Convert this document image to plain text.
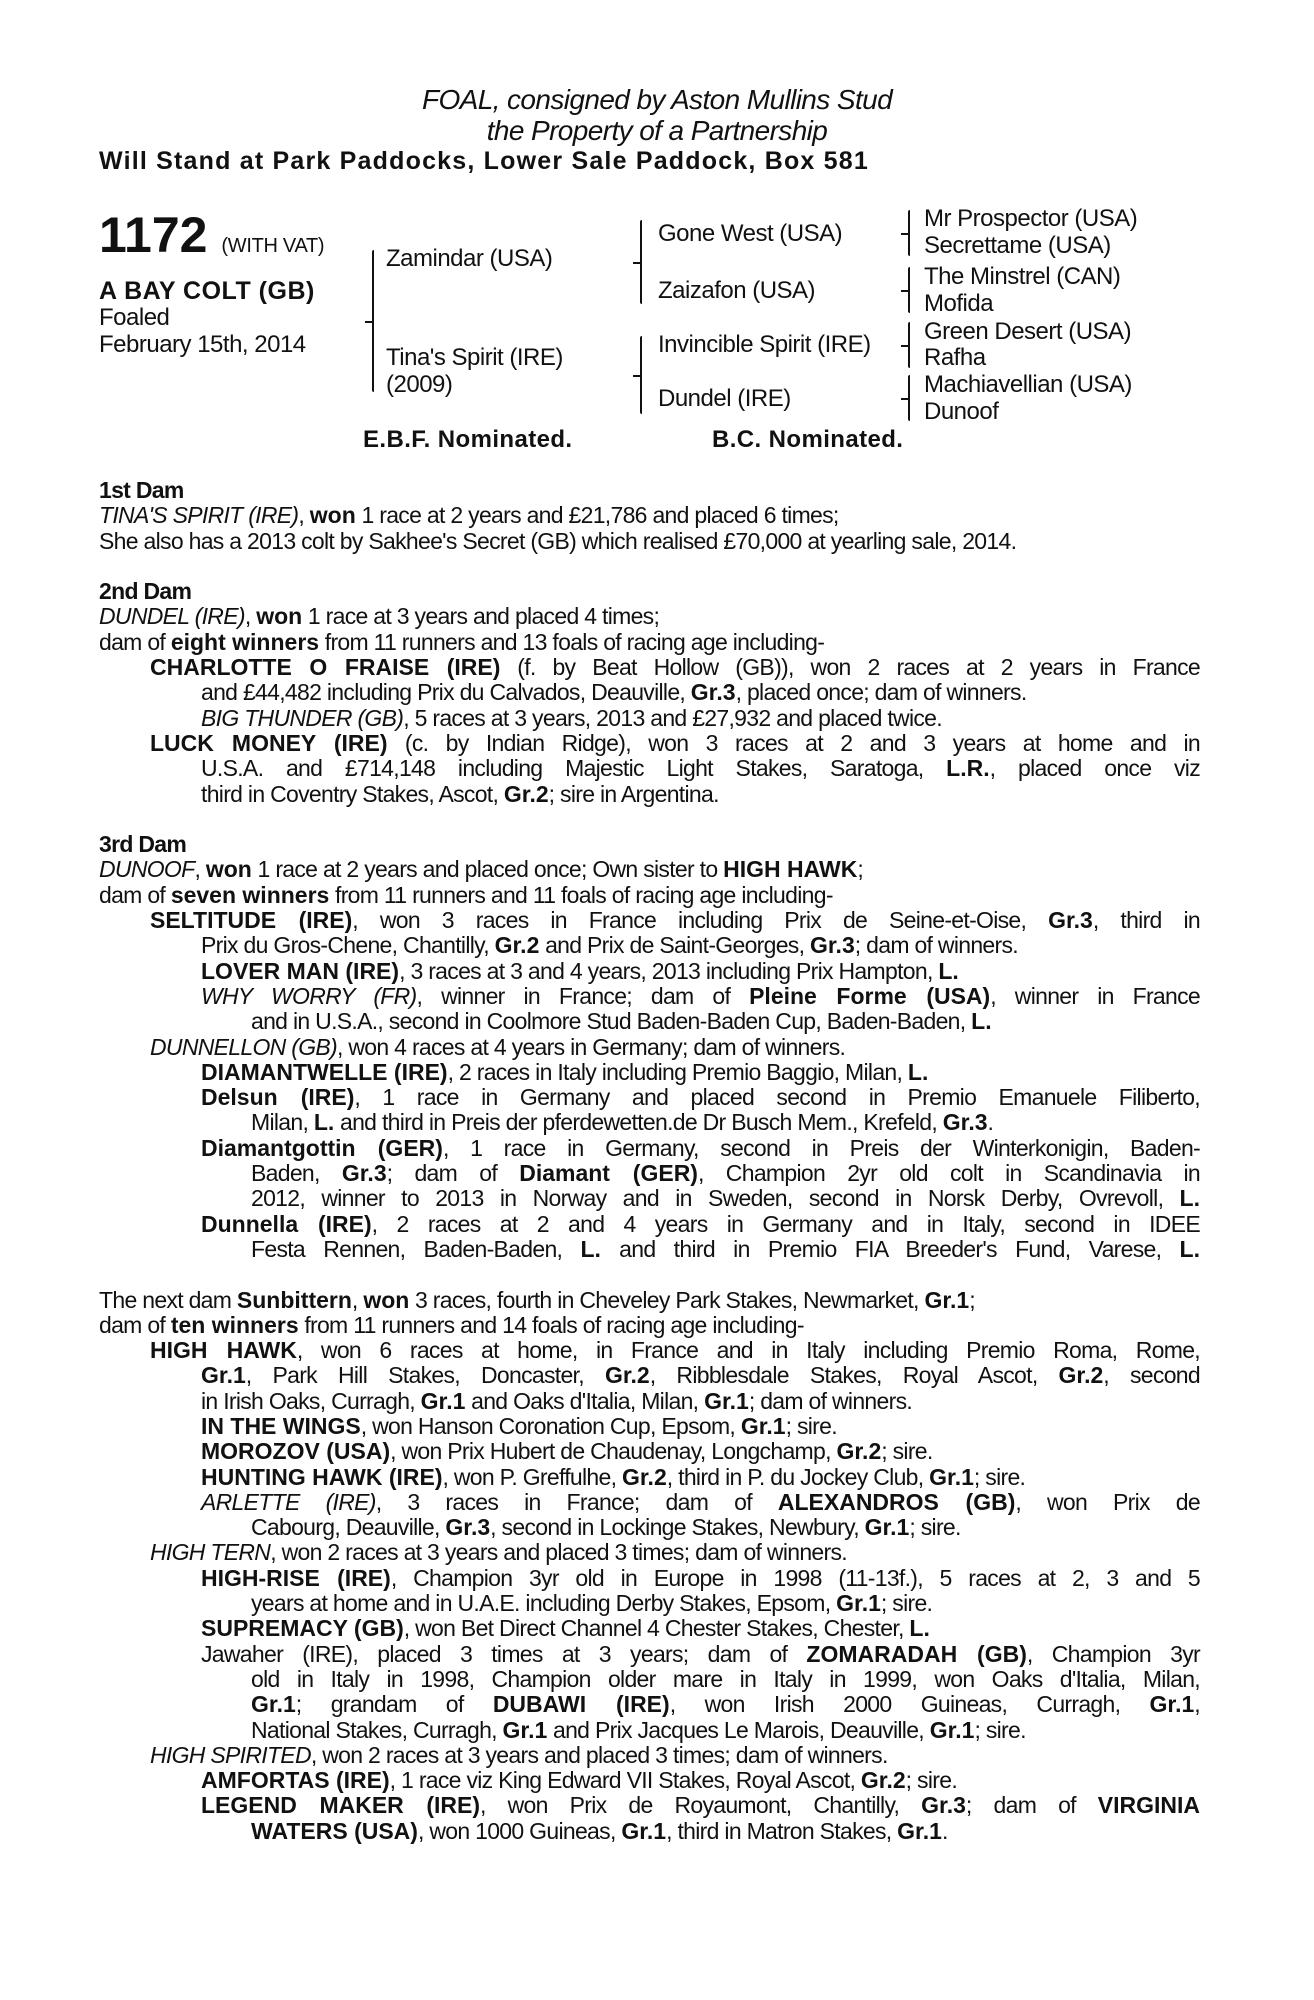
FOAL, consigned by Aston Mullins Stud
the Property of a Partnership
Will Stand at Park Paddocks, Lower Sale Paddock, Box 581
1172 (WITH VAT)
A BAY COLT (GB)
Foaled
February 15th, 2014
Zamindar (USA)
Tina's Spirit (IRE)
(2009)
Gone West (USA)
Zaizafon (USA)
Invincible Spirit (IRE)
Dundel (IRE)
Mr Prospector (USA)
Secrettame (USA)
The Minstrel (CAN)
Mofida
Green Desert (USA)
Rafha
Machiavellian (USA)
Dunoof
E.B.F. Nominated.	B.C. Nominated.
1st Dam
TINA'S SPIRIT (IRE), won 1 race at 2 years and £21,786 and placed 6 times;
She also has a 2013 colt by Sakhee's Secret (GB) which realised £70,000 at yearling sale, 2014.
2nd Dam
DUNDEL (IRE), won 1 race at 3 years and placed 4 times;
dam of eight winners from 11 runners and 13 foals of racing age including-
CHARLOTTE O FRAISE (IRE) (f. by Beat Hollow (GB)), won 2 races at 2 years in France
and £44,482 including Prix du Calvados, Deauville, Gr.3, placed once; dam of winners.
BIG THUNDER (GB), 5 races at 3 years, 2013 and £27,932 and placed twice.
LUCK MONEY (IRE) (c. by Indian Ridge), won 3 races at 2 and 3 years at home and in
U.S.A. and £714,148 including Majestic Light Stakes, Saratoga, L.R., placed once viz
third in Coventry Stakes, Ascot, Gr.2; sire in Argentina.
3rd Dam
DUNOOF, won 1 race at 2 years and placed once; Own sister to HIGH HAWK;
dam of seven winners from 11 runners and 11 foals of racing age including-
SELTITUDE (IRE), won 3 races in France including Prix de Seine-et-Oise, Gr.3, third in
Prix du Gros-Chene, Chantilly, Gr.2 and Prix de Saint-Georges, Gr.3; dam of winners.
LOVER MAN (IRE), 3 races at 3 and 4 years, 2013 including Prix Hampton, L.
WHY WORRY (FR), winner in France; dam of Pleine Forme (USA), winner in France
and in U.S.A., second in Coolmore Stud Baden-Baden Cup, Baden-Baden, L.
DUNNELLON (GB), won 4 races at 4 years in Germany; dam of winners.
DIAMANTWELLE (IRE), 2 races in Italy including Premio Baggio, Milan, L.
Delsun (IRE), 1 race in Germany and placed second in Premio Emanuele Filiberto,
Milan, L. and third in Preis der pferdewetten.de Dr Busch Mem., Krefeld, Gr.3.
Diamantgottin (GER), 1 race in Germany, second in Preis der Winterkonigin, Baden-
Baden, Gr.3; dam of Diamant (GER), Champion 2yr old colt in Scandinavia in
2012, winner to 2013 in Norway and in Sweden, second in Norsk Derby, Ovrevoll, L.
Dunnella (IRE), 2 races at 2 and 4 years in Germany and in Italy, second in IDEE
Festa Rennen, Baden-Baden, L. and third in Premio FIA Breeder's Fund, Varese, L.
The next dam Sunbittern, won 3 races, fourth in Cheveley Park Stakes, Newmarket, Gr.1;
dam of ten winners from 11 runners and 14 foals of racing age including-
HIGH HAWK, won 6 races at home, in France and in Italy including Premio Roma, Rome,
Gr.1, Park Hill Stakes, Doncaster, Gr.2, Ribblesdale Stakes, Royal Ascot, Gr.2, second
in Irish Oaks, Curragh, Gr.1 and Oaks d'Italia, Milan, Gr.1; dam of winners.
IN THE WINGS, won Hanson Coronation Cup, Epsom, Gr.1; sire.
MOROZOV (USA), won Prix Hubert de Chaudenay, Longchamp, Gr.2; sire.
HUNTING HAWK (IRE), won P. Greffulhe, Gr.2, third in P. du Jockey Club, Gr.1; sire.
ARLETTE (IRE), 3 races in France; dam of ALEXANDROS (GB), won Prix de
Cabourg, Deauville, Gr.3, second in Lockinge Stakes, Newbury, Gr.1; sire.
HIGH TERN, won 2 races at 3 years and placed 3 times; dam of winners.
HIGH-RISE (IRE), Champion 3yr old in Europe in 1998 (11-13f.), 5 races at 2, 3 and 5
years at home and in U.A.E. including Derby Stakes, Epsom, Gr.1; sire.
SUPREMACY (GB), won Bet Direct Channel 4 Chester Stakes, Chester, L.
Jawaher (IRE), placed 3 times at 3 years; dam of ZOMARADAH (GB), Champion 3yr
old in Italy in 1998, Champion older mare in Italy in 1999, won Oaks d'Italia, Milan,
Gr.1; grandam of DUBAWI (IRE), won Irish 2000 Guineas, Curragh, Gr.1,
National Stakes, Curragh, Gr.1 and Prix Jacques Le Marois, Deauville, Gr.1; sire.
HIGH SPIRITED, won 2 races at 3 years and placed 3 times; dam of winners.
AMFORTAS (IRE), 1 race viz King Edward VII Stakes, Royal Ascot, Gr.2; sire.
LEGEND MAKER (IRE), won Prix de Royaumont, Chantilly, Gr.3; dam of VIRGINIA
WATERS (USA), won 1000 Guineas, Gr.1, third in Matron Stakes, Gr.1.
